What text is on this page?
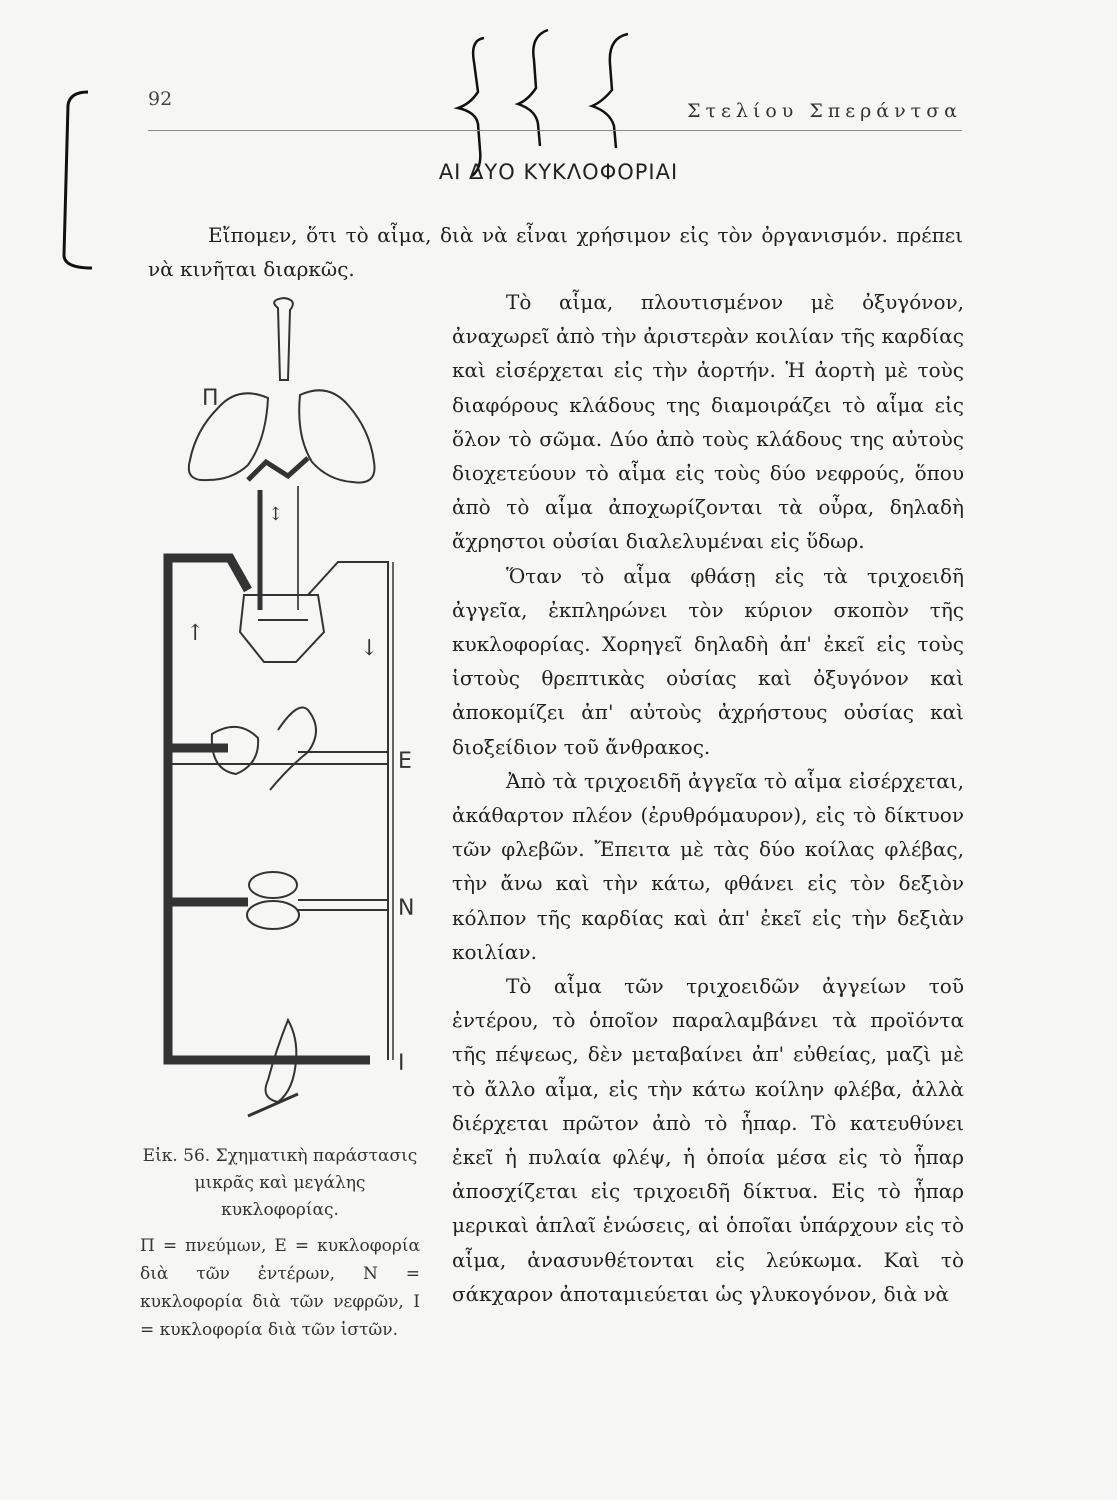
92
Στελίου Σπεράντσα
ΑΙ ΔΥΟ ΚΥΚΛΟΦΟΡΙΑΙ

Εἴπομεν, ὅτι τὸ αἷμα, διὰ νὰ εἶναι χρήσιμον εἰς τὸν ὀργανισμόν. πρέπει νὰ κινῆται διαρκῶς.

↕
↑
↓
Π
Ε
Ν
Ι

Εἰκ. 56. Σχηματικὴ παράστασις μικρᾶς καὶ μεγάλης κυκλοφορίας.

Π = πνεύμων, Ε = κυκλοφορία διὰ τῶν ἐντέρων, Ν = κυκλοφορία διὰ τῶν νεφρῶν, Ι = κυκλοφορία διὰ τῶν ἱστῶν.

Τὸ αἷμα, πλουτισμένον μὲ ὀξυγόνον, ἀναχωρεῖ ἀπὸ τὴν ἀριστερὰν κοιλίαν τῆς καρδίας καὶ εἰσέρχεται εἰς τὴν ἀορτήν. Ἡ ἀορτὴ μὲ τοὺς διαφόρους κλάδους της διαμοιράζει τὸ αἷμα εἰς ὅλον τὸ σῶμα. Δύο ἀπὸ τοὺς κλάδους της αὐτοὺς διοχετεύουν τὸ αἷμα εἰς τοὺς δύο νεφρούς, ὅπου ἀπὸ τὸ αἷμα ἀποχωρίζονται τὰ οὖρα, δηλαδὴ ἄχρηστοι οὐσίαι διαλελυμέναι εἰς ὕδωρ.

Ὅταν τὸ αἷμα φθάσῃ εἰς τὰ τριχοειδῆ ἀγγεῖα, ἐκπληρώνει τὸν κύριον σκοπὸν τῆς κυκλοφορίας. Χορηγεῖ δηλαδὴ ἀπ' ἐκεῖ εἰς τοὺς ἱστοὺς θρεπτικὰς οὐσίας καὶ ὀξυγόνον καὶ ἀποκομίζει ἀπ' αὐτοὺς ἀχρήστους οὐσίας καὶ διοξείδιον τοῦ ἄνθρακος.

Ἀπὸ τὰ τριχοειδῆ ἀγγεῖα τὸ αἷμα εἰσέρχεται, ἀκάθαρτον πλέον (ἐρυθρόμαυρον), εἰς τὸ δίκτυον τῶν φλεβῶν. Ἔπειτα μὲ τὰς δύο κοίλας φλέβας, τὴν ἄνω καὶ τὴν κάτω, φθάνει εἰς τὸν δεξιὸν κόλπον τῆς καρδίας καὶ ἀπ' ἐκεῖ εἰς τὴν δεξιὰν κοιλίαν.

Τὸ αἷμα τῶν τριχοειδῶν ἀγγείων τοῦ ἐντέρου, τὸ ὁποῖον παραλαμβάνει τὰ προϊόντα τῆς πέψεως, δὲν μεταβαίνει ἀπ' εὐθείας, μαζὶ μὲ τὸ ἄλλο αἷμα, εἰς τὴν κάτω κοίλην φλέβα, ἀλλὰ διέρχεται πρῶτον ἀπὸ τὸ ἧπαρ. Τὸ κατευθύνει ἐκεῖ ἡ πυλαία φλέψ, ἡ ὁποία μέσα εἰς τὸ ἧπαρ ἀποσχίζεται εἰς τριχοειδῆ δίκτυα. Εἰς τὸ ἧπαρ μερικαὶ ἁπλαῖ ἑνώσεις, αἱ ὁποῖαι ὑπάρχουν εἰς τὸ αἷμα, ἀνασυνθέτονται εἰς λεύκωμα. Καὶ τὸ σάκχαρον ἀποταμιεύεται ὡς γλυκογόνον, διὰ νὰ
